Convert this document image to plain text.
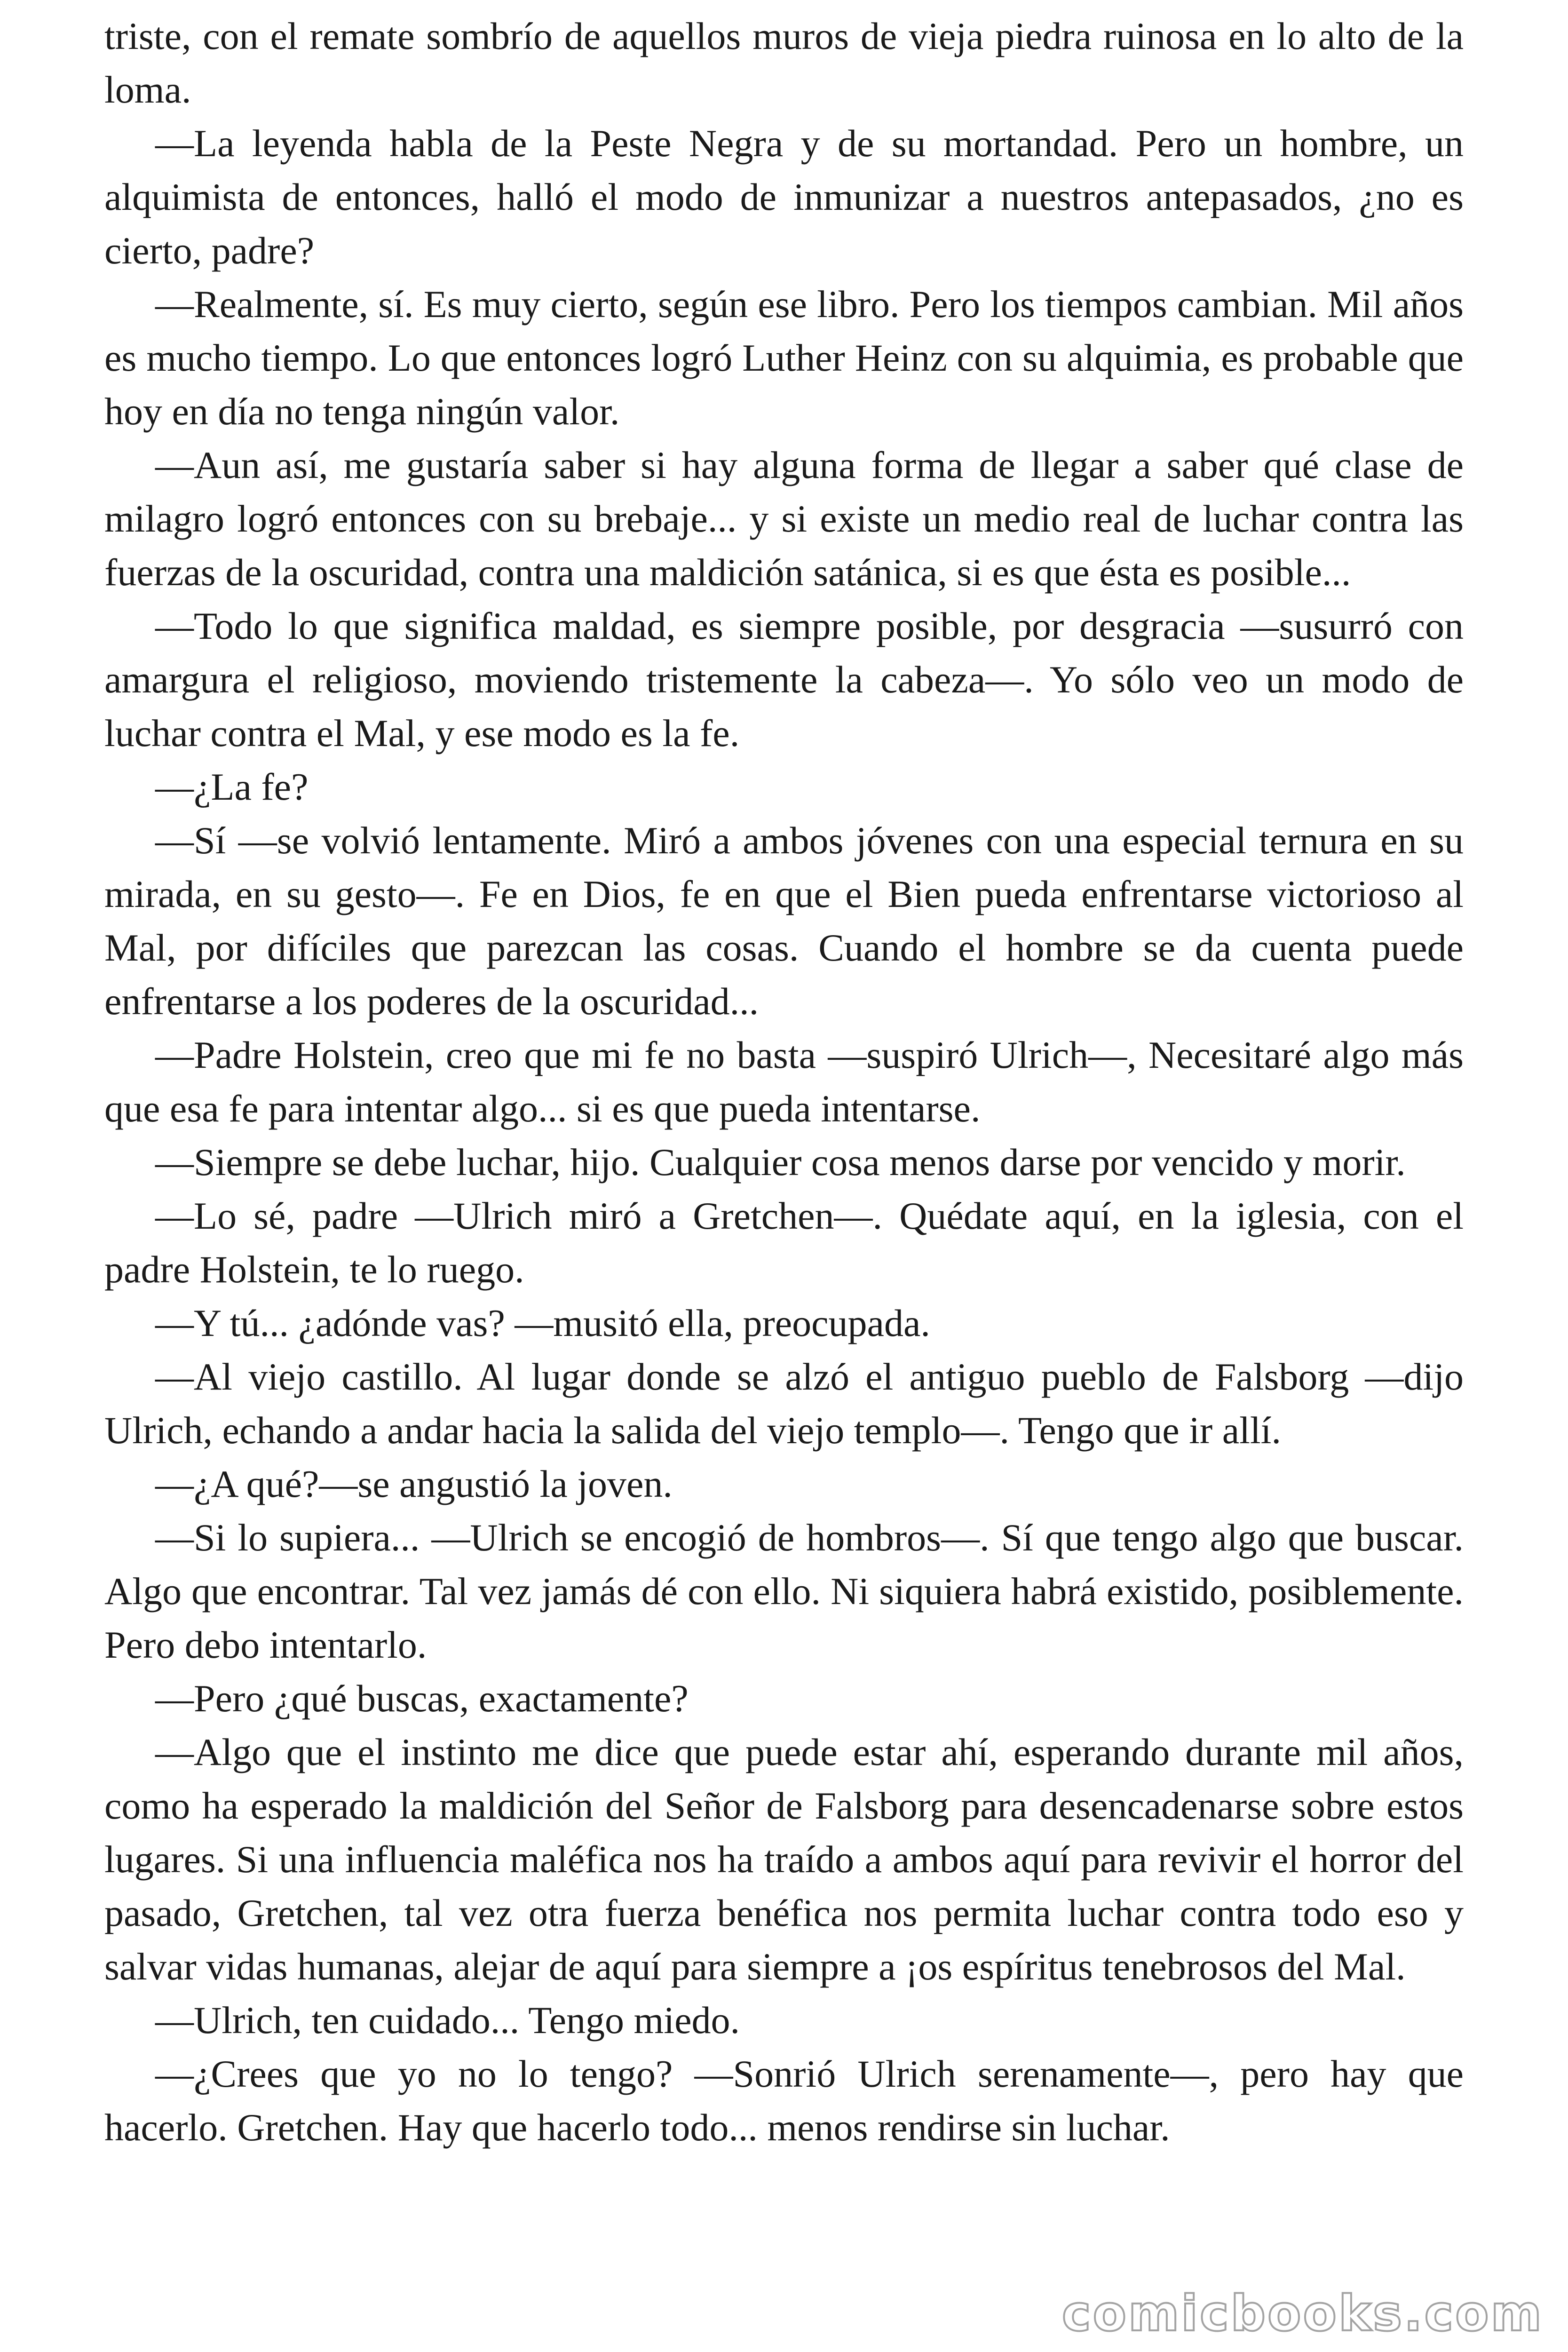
triste, con el remate sombrío de aquellos muros de vieja piedra ruinosa en lo alto de la loma.

—La leyenda habla de la Peste Negra y de su mortandad. Pero un hombre, un alquimista de entonces, halló el modo de inmunizar a nuestros antepasados, ¿no es cierto, padre?

—Realmente, sí. Es muy cierto, según ese libro. Pero los tiempos cambian. Mil años es mucho tiempo. Lo que entonces logró Luther Heinz con su alquimia, es probable que hoy en día no tenga ningún valor.

—Aun así, me gustaría saber si hay alguna forma de llegar a saber qué clase de milagro logró entonces con su brebaje... y si existe un medio real de luchar contra las fuerzas de la oscuridad, contra una maldición satánica, si es que ésta es posible...

—Todo lo que significa maldad, es siempre posible, por desgracia —susurró con amargura el religioso, moviendo tristemente la cabeza—. Yo sólo veo un modo de luchar contra el Mal, y ese modo es la fe.

—¿La fe?

—Sí —se volvió lentamente. Miró a ambos jóvenes con una especial ternura en su mirada, en su gesto—. Fe en Dios, fe en que el Bien pueda enfrentarse victorioso al Mal, por difíciles que parezcan las cosas. Cuando el hombre se da cuenta puede enfrentarse a los poderes de la oscuridad...

—Padre Holstein, creo que mi fe no basta —suspiró Ulrich—, Necesitaré algo más que esa fe para intentar algo... si es que pueda intentarse.

—Siempre se debe luchar, hijo. Cualquier cosa menos darse por vencido y morir.

—Lo sé, padre —Ulrich miró a Gretchen—. Quédate aquí, en la iglesia, con el padre Holstein, te lo ruego.

—Y tú... ¿adónde vas? —musitó ella, preocupada.

—Al viejo castillo. Al lugar donde se alzó el antiguo pueblo de Falsborg —dijo Ulrich, echando a andar hacia la salida del viejo templo—. Tengo que ir allí.

—¿A qué?—se angustió la joven.

—Si lo supiera... —Ulrich se encogió de hombros—. Sí que tengo algo que buscar. Algo que encontrar. Tal vez jamás dé con ello. Ni siquiera habrá existido, posiblemente. Pero debo intentarlo.

—Pero ¿qué buscas, exactamente?

—Algo que el instinto me dice que puede estar ahí, esperando durante mil años, como ha esperado la maldición del Señor de Falsborg para desencadenarse sobre estos lugares. Si una influencia maléfica nos ha traído a ambos aquí para revivir el horror del pasado, Gretchen, tal vez otra fuerza benéfica nos permita luchar contra todo eso y salvar vidas humanas, alejar de aquí para siempre a ¡os espíritus tenebrosos del Mal.

—Ulrich, ten cuidado... Tengo miedo.

—¿Crees que yo no lo tengo? —Sonrió Ulrich serenamente—, pero hay que hacerlo. Gretchen. Hay que hacerlo todo... menos rendirse sin luchar.

comicbooks.com
